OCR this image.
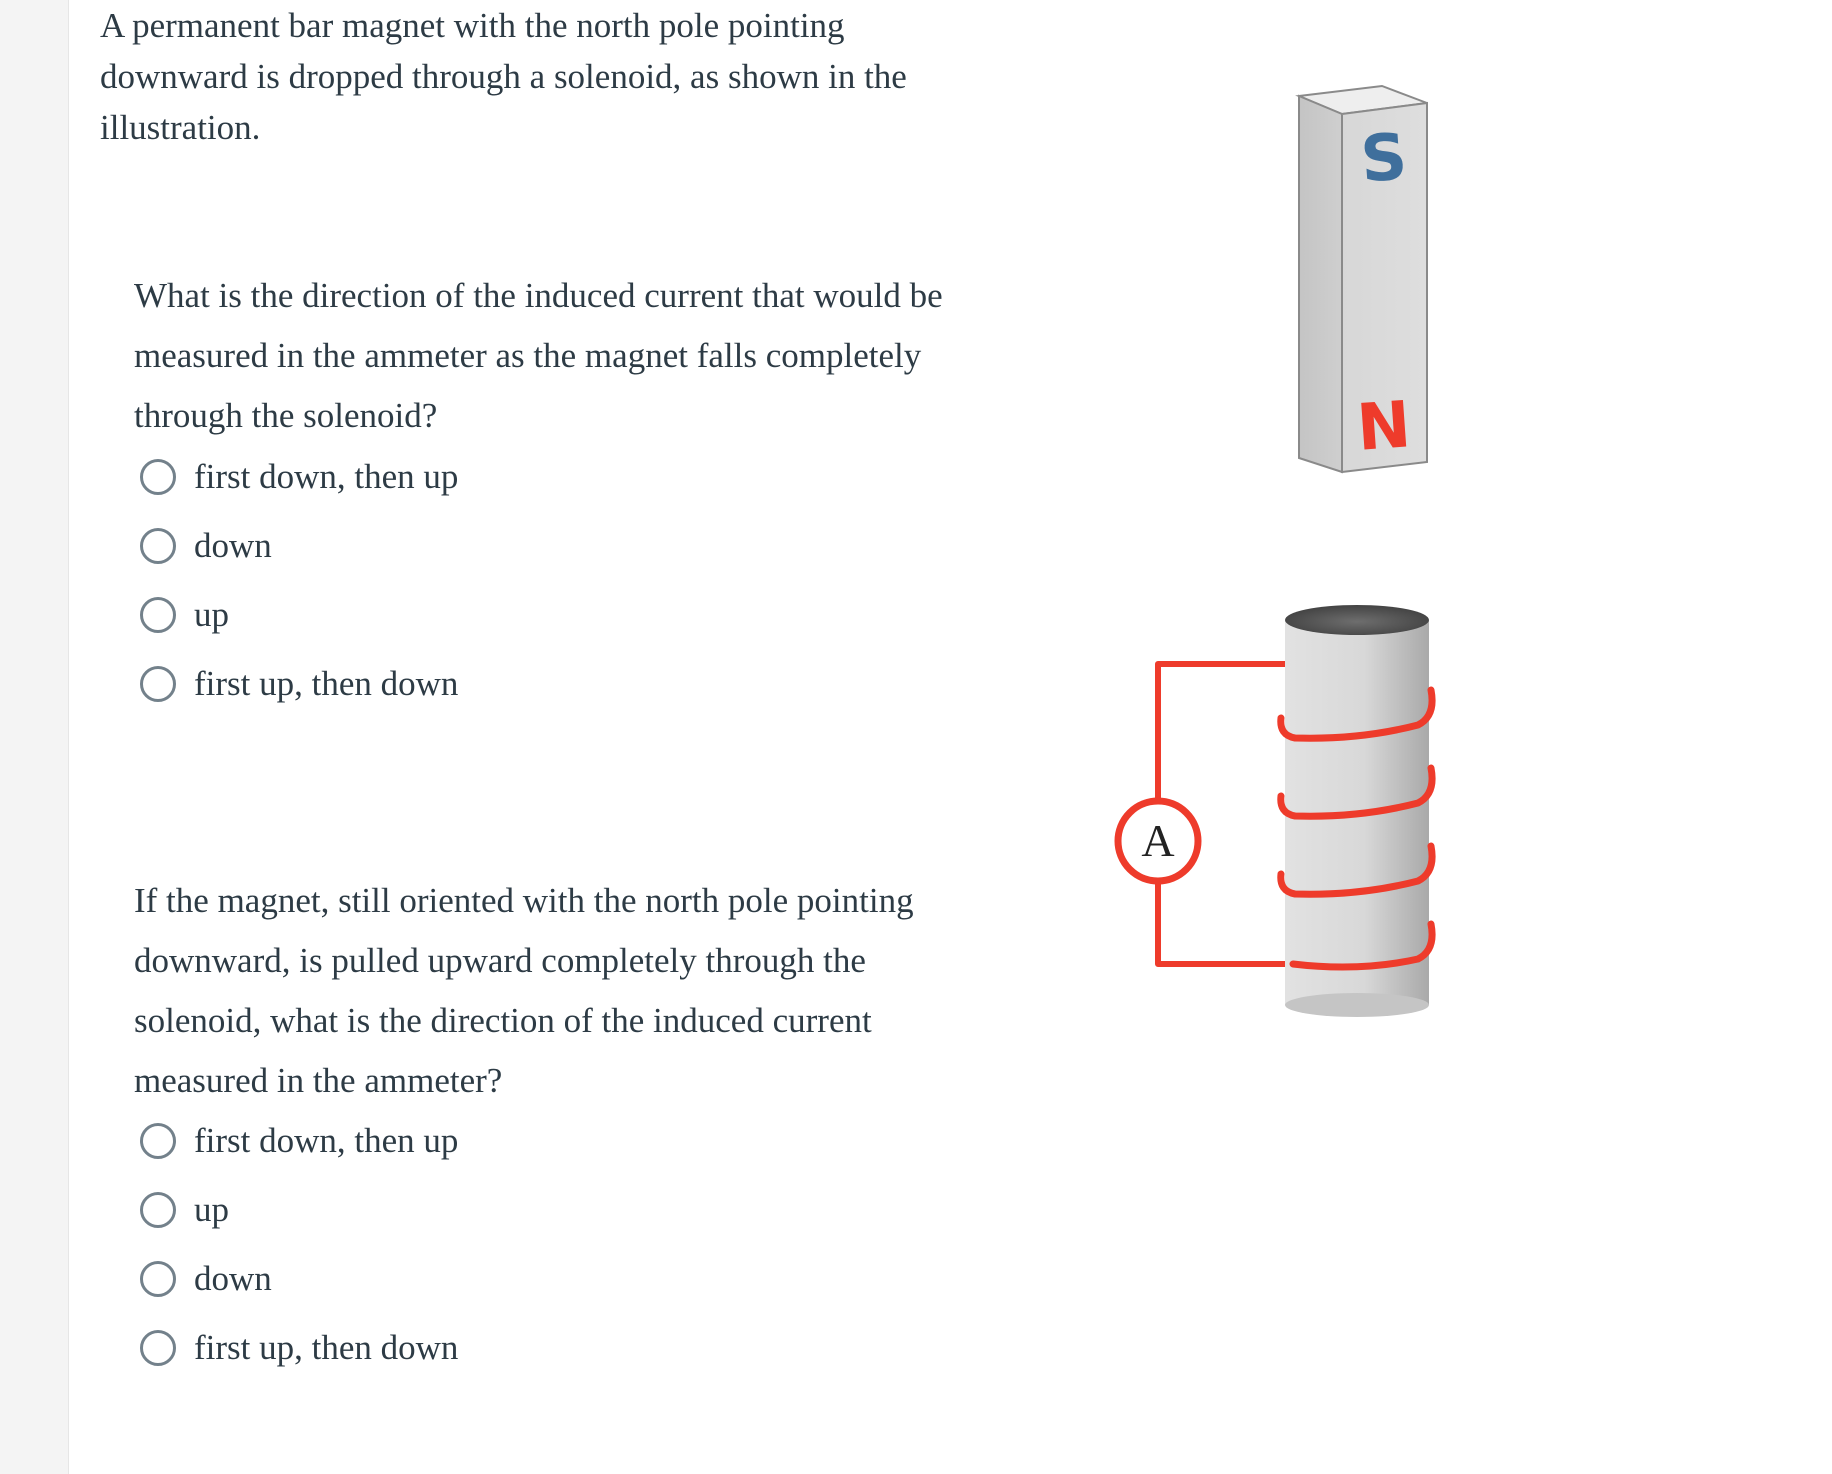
A permanent bar magnet with the north pole pointing downward is dropped through a solenoid, as shown in the illustration.

What is the direction of the induced current that would be measured in the ammeter as the magnet falls completely through the solenoid?

first down, then up
down
up
first up, then down

If the magnet, still oriented with the north pole pointing downward, is pulled upward completely through the solenoid, what is the direction of the induced current measured in the ammeter?

first down, then up
up
down
first up, then down
S
N
A
